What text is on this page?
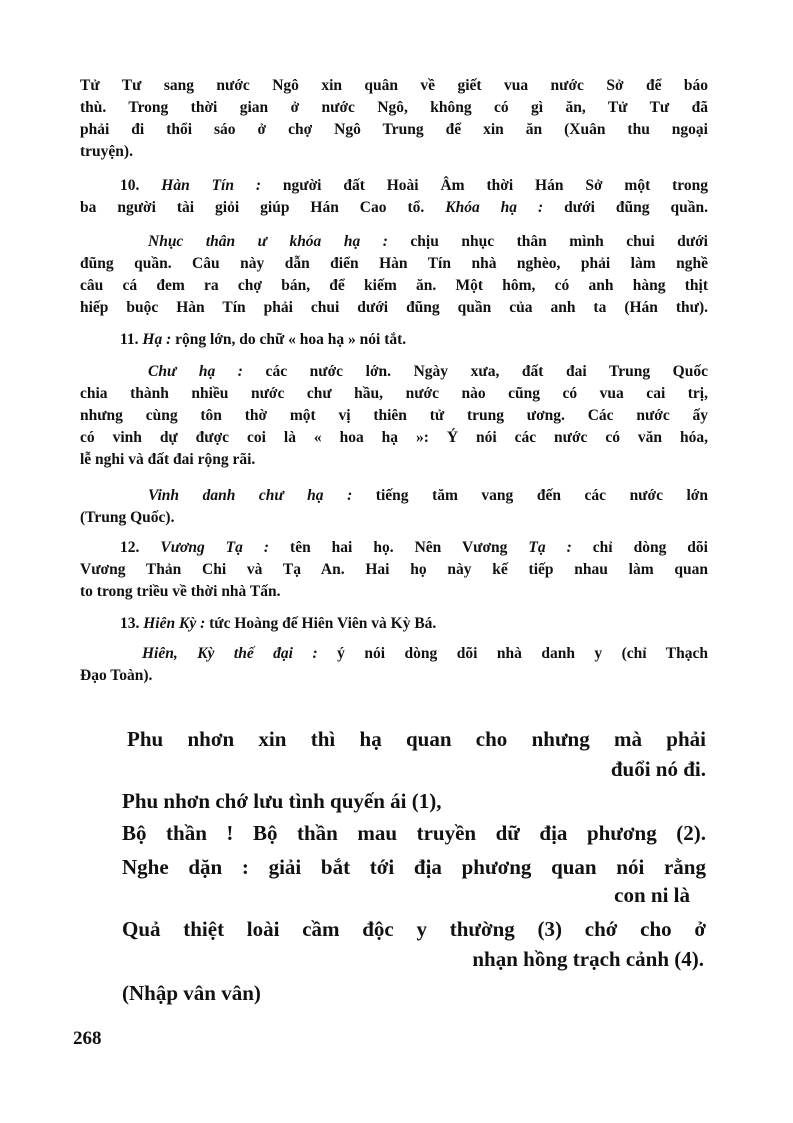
Tử Tư sang nước Ngô xin quân về giết vua nước Sở để báo
thù. Trong thời gian ở nước Ngô, không có gì ăn, Tử Tư đã
phải đi thổi sáo ở chợ Ngô Trung để xin ăn (Xuân thu ngoại
truyện).
10. Hàn Tín : người đất Hoài Âm thời Hán Sở một trong
ba người tài giỏi giúp Hán Cao tổ. Khóa hạ : dưới đũng quần.
Nhục thân ư khóa hạ : chịu nhục thân mình chui dưới
đũng quần. Câu này dẫn điển Hàn Tín nhà nghèo, phải làm nghề
câu cá đem ra chợ bán, để kiếm ăn. Một hôm, có anh hàng thịt
hiếp buộc Hàn Tín phải chui dưới đũng quần của anh ta (Hán thư).
11. Hạ : rộng lớn, do chữ « hoa hạ » nói tắt.
Chư hạ : các nước lớn. Ngày xưa, đất đai Trung Quốc
chia thành nhiều nước chư hầu, nước nào cũng có vua cai trị,
nhưng cùng tôn thờ một vị thiên tử trung ương. Các nước ấy
có vinh dự được coi là « hoa hạ »: Ý nói các nước có văn hóa,
lễ nghi và đất đai rộng rãi.
Vinh danh chư hạ : tiếng tăm vang đến các nước lớn
(Trung Quốc).
12. Vương Tạ : tên hai họ. Nên Vương Tạ : chỉ dòng dõi
Vương Thản Chi và Tạ An. Hai họ này kế tiếp nhau làm quan
to trong triều về thời nhà Tấn.
13. Hiên Kỳ : tức Hoàng đế Hiên Viên và Kỳ Bá.
Hiên, Kỳ thế đại : ý nói dòng dõi nhà danh y (chỉ Thạch
Đạo Toàn).
Phu nhơn xin thì hạ quan cho nhưng mà phải
đuổi nó đi.
Phu nhơn chớ lưu tình quyến ái (1),
Bộ thần ! Bộ thần mau truyền dữ địa phương (2).
Nghe dặn : giải bắt tới địa phương quan nói rằng
con ni là
Quả thiệt loài cầm độc y thường (3) chớ cho ở
nhạn hồng trạch cảnh (4).
(Nhập vân vân)
268
